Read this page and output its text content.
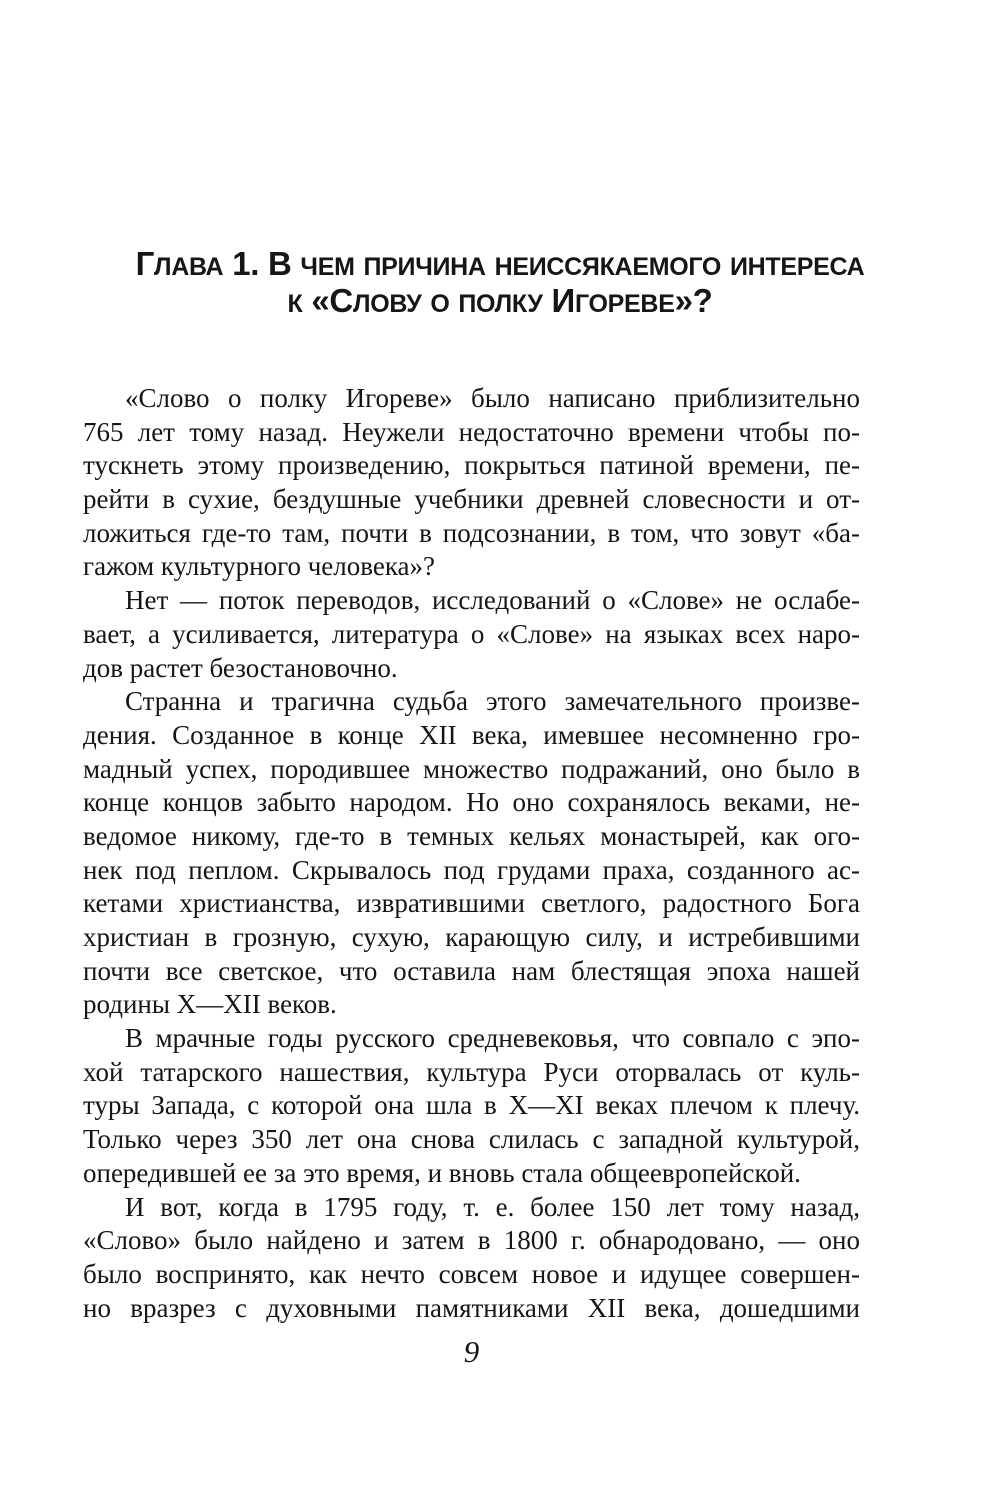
ГЛАВА 1. В ЧЕМ ПРИЧИНА НЕИССЯКАЕМОГО ИНТЕРЕСА
К «СЛОВУ О ПОЛКУ ИГОРЕВЕ»?
«Слово о полку Игореве» было написано приблизительно
765 лет тому назад. Неужели недостаточно времени чтобы по-
тускнеть этому произведению, покрыться патиной времени, пе-
рейти в сухие, бездушные учебники древней словесности и от-
ложиться где-то там, почти в подсознании, в том, что зовут «ба-
гажом культурного человека»?
Нет — поток переводов, исследований о «Слове» не ослабе-
вает, а усиливается, литература о «Слове» на языках всех наро-
дов растет безостановочно.
Странна и трагична судьба этого замечательного произве-
дения. Созданное в конце XII века, имевшее несомненно гро-
мадный успех, породившее множество подражаний, оно было в
конце концов забыто народом. Но оно сохранялось веками, не-
ведомое никому, где-то в темных кельях монастырей, как ого-
нек под пеплом. Скрывалось под грудами праха, созданного ас-
кетами христианства, извратившими светлого, радостного Бога
христиан в грозную, сухую, карающую силу, и истребившими
почти все светское, что оставила нам блестящая эпоха нашей
родины X—XII веков.
В мрачные годы русского средневековья, что совпало с эпо-
хой татарского нашествия, культура Руси оторвалась от куль-
туры Запада, с которой она шла в X—XI веках плечом к плечу.
Только через 350 лет она снова слилась с западной культурой,
опередившей ее за это время, и вновь стала общеевропейской.
И вот, когда в 1795 году, т. е. более 150 лет тому назад,
«Слово» было найдено и затем в 1800 г. обнародовано, — оно
было воспринято, как нечто совсем новое и идущее совершен-
но вразрез с духовными памятниками XII века, дошедшими
9
